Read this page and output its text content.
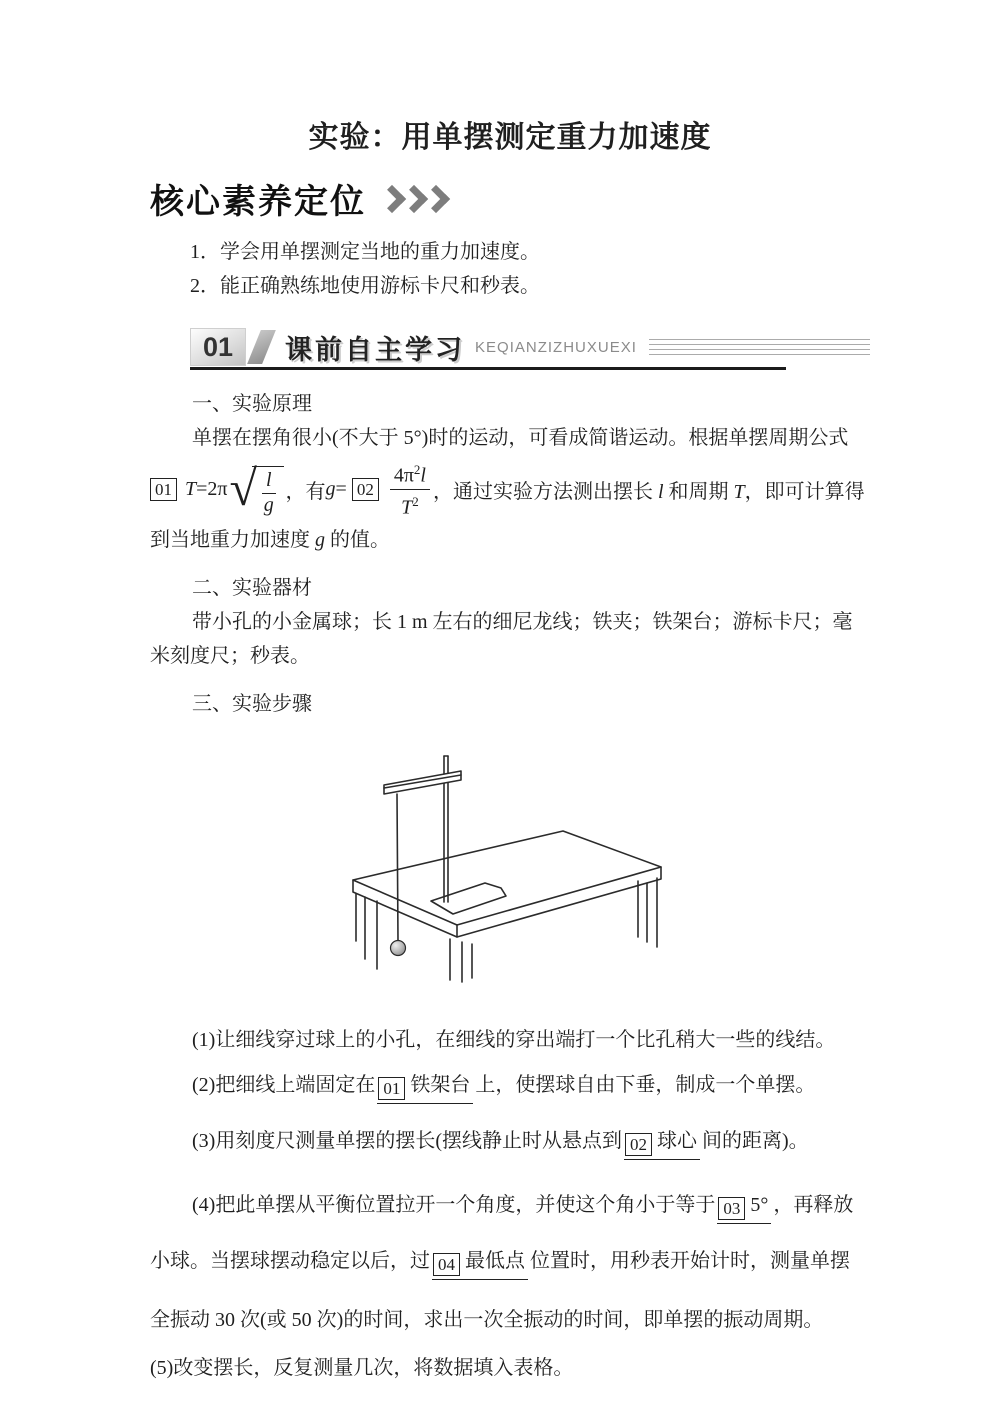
实验：用单摆测定重力加速度
核心素养定位

1．学会用单摆测定当地的重力加速度。

2．能正确熟练地使用游标卡尺和秒表。

01	课前自主学习 KEQIANZIZHUXUEXI
一、实验原理
单摆在摆角很小(不大于 5°)时的运动，可看成简谐运动。根据单摆周期公式
01 T =2π √ $\frac{l}{g}$ ，有 g =
$02 \frac{4\pi^2l}{T^2}$ ，通过实验方法测出摆长 l 和周期 T，即可计算得
到当地重力加速度 g 的值。
二、实验器材
带小孔的小金属球；长 1 m 左右的细尼龙线；铁夹；铁架台；游标卡尺；毫
米刻度尺；秒表。
三、实验步骤
(1)让细线穿过球上的小孔，在细线的穿出端打一个比孔稍大一些的线结。
(2)把细线上端固定在 01 铁架台 上，使摆球自由下垂，制成一个单摆。
(3)用刻度尺测量单摆的摆长(摆线静止时从悬点到 02 球心 间的距离)。
(4)把此单摆从平衡位置拉开一个角度，并使这个角小于等于 03 5° ，再释放
小球。当摆球摆动稳定以后，过 04 最低点 位置时，用秒表开始计时，测量单摆
全振动 30 次(或 50 次)的时间，求出一次全振动的时间，即单摆的振动周期。
(5)改变摆长，反复测量几次，将数据填入表格。
